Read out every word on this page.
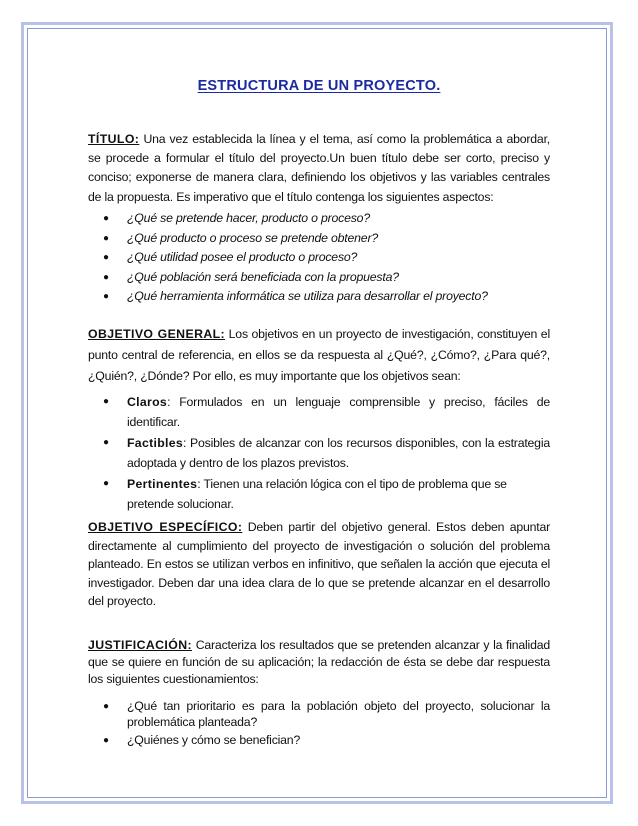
ESTRUCTURA DE UN PROYECTO.

TÍTULO: Una vez establecida la línea y el tema, así como la problemática a abordar, se procede a formular el título del proyecto.Un buen título debe ser corto, preciso y conciso; exponerse de manera clara, definiendo los objetivos y las variables centrales de la propuesta. Es imperativo que el título contenga los siguientes aspectos:

● ¿Qué se pretende hacer, producto o proceso?
● ¿Qué producto o proceso se pretende obtener?
● ¿Qué utilidad posee el producto o proceso?
● ¿Qué población será beneficiada con la propuesta?
● ¿Qué herramienta informática se utiliza para desarrollar el proyecto?

OBJETIVO GENERAL: Los objetivos en un proyecto de investigación, constituyen el punto central de referencia, en ellos se da respuesta al ¿Qué?, ¿Cómo?, ¿Para qué?, ¿Quién?, ¿Dónde? Por ello, es muy importante que los objetivos sean:

● Claros: Formulados en un lenguaje comprensible y preciso, fáciles de identificar.
● Factibles: Posibles de alcanzar con los recursos disponibles, con la estrategia adoptada y dentro de los plazos previstos.
● Pertinentes: Tienen una relación lógica con el tipo de problema que se pretende solucionar.

OBJETIVO ESPECÍFICO: Deben partir del objetivo general. Estos deben apuntar directamente al cumplimiento del proyecto de investigación o solución del problema planteado. En estos se utilizan verbos en infinitivo, que señalen la acción que ejecuta el investigador. Deben dar una idea clara de lo que se pretende alcanzar en el desarrollo del proyecto.

JUSTIFICACIÓN: Caracteriza los resultados que se pretenden alcanzar y la finalidad que se quiere en función de su aplicación; la redacción de ésta se debe dar respuesta los siguientes cuestionamientos:

● ¿Qué tan prioritario es para la población objeto del proyecto, solucionar la problemática planteada?
● ¿Quiénes y cómo se benefician?
